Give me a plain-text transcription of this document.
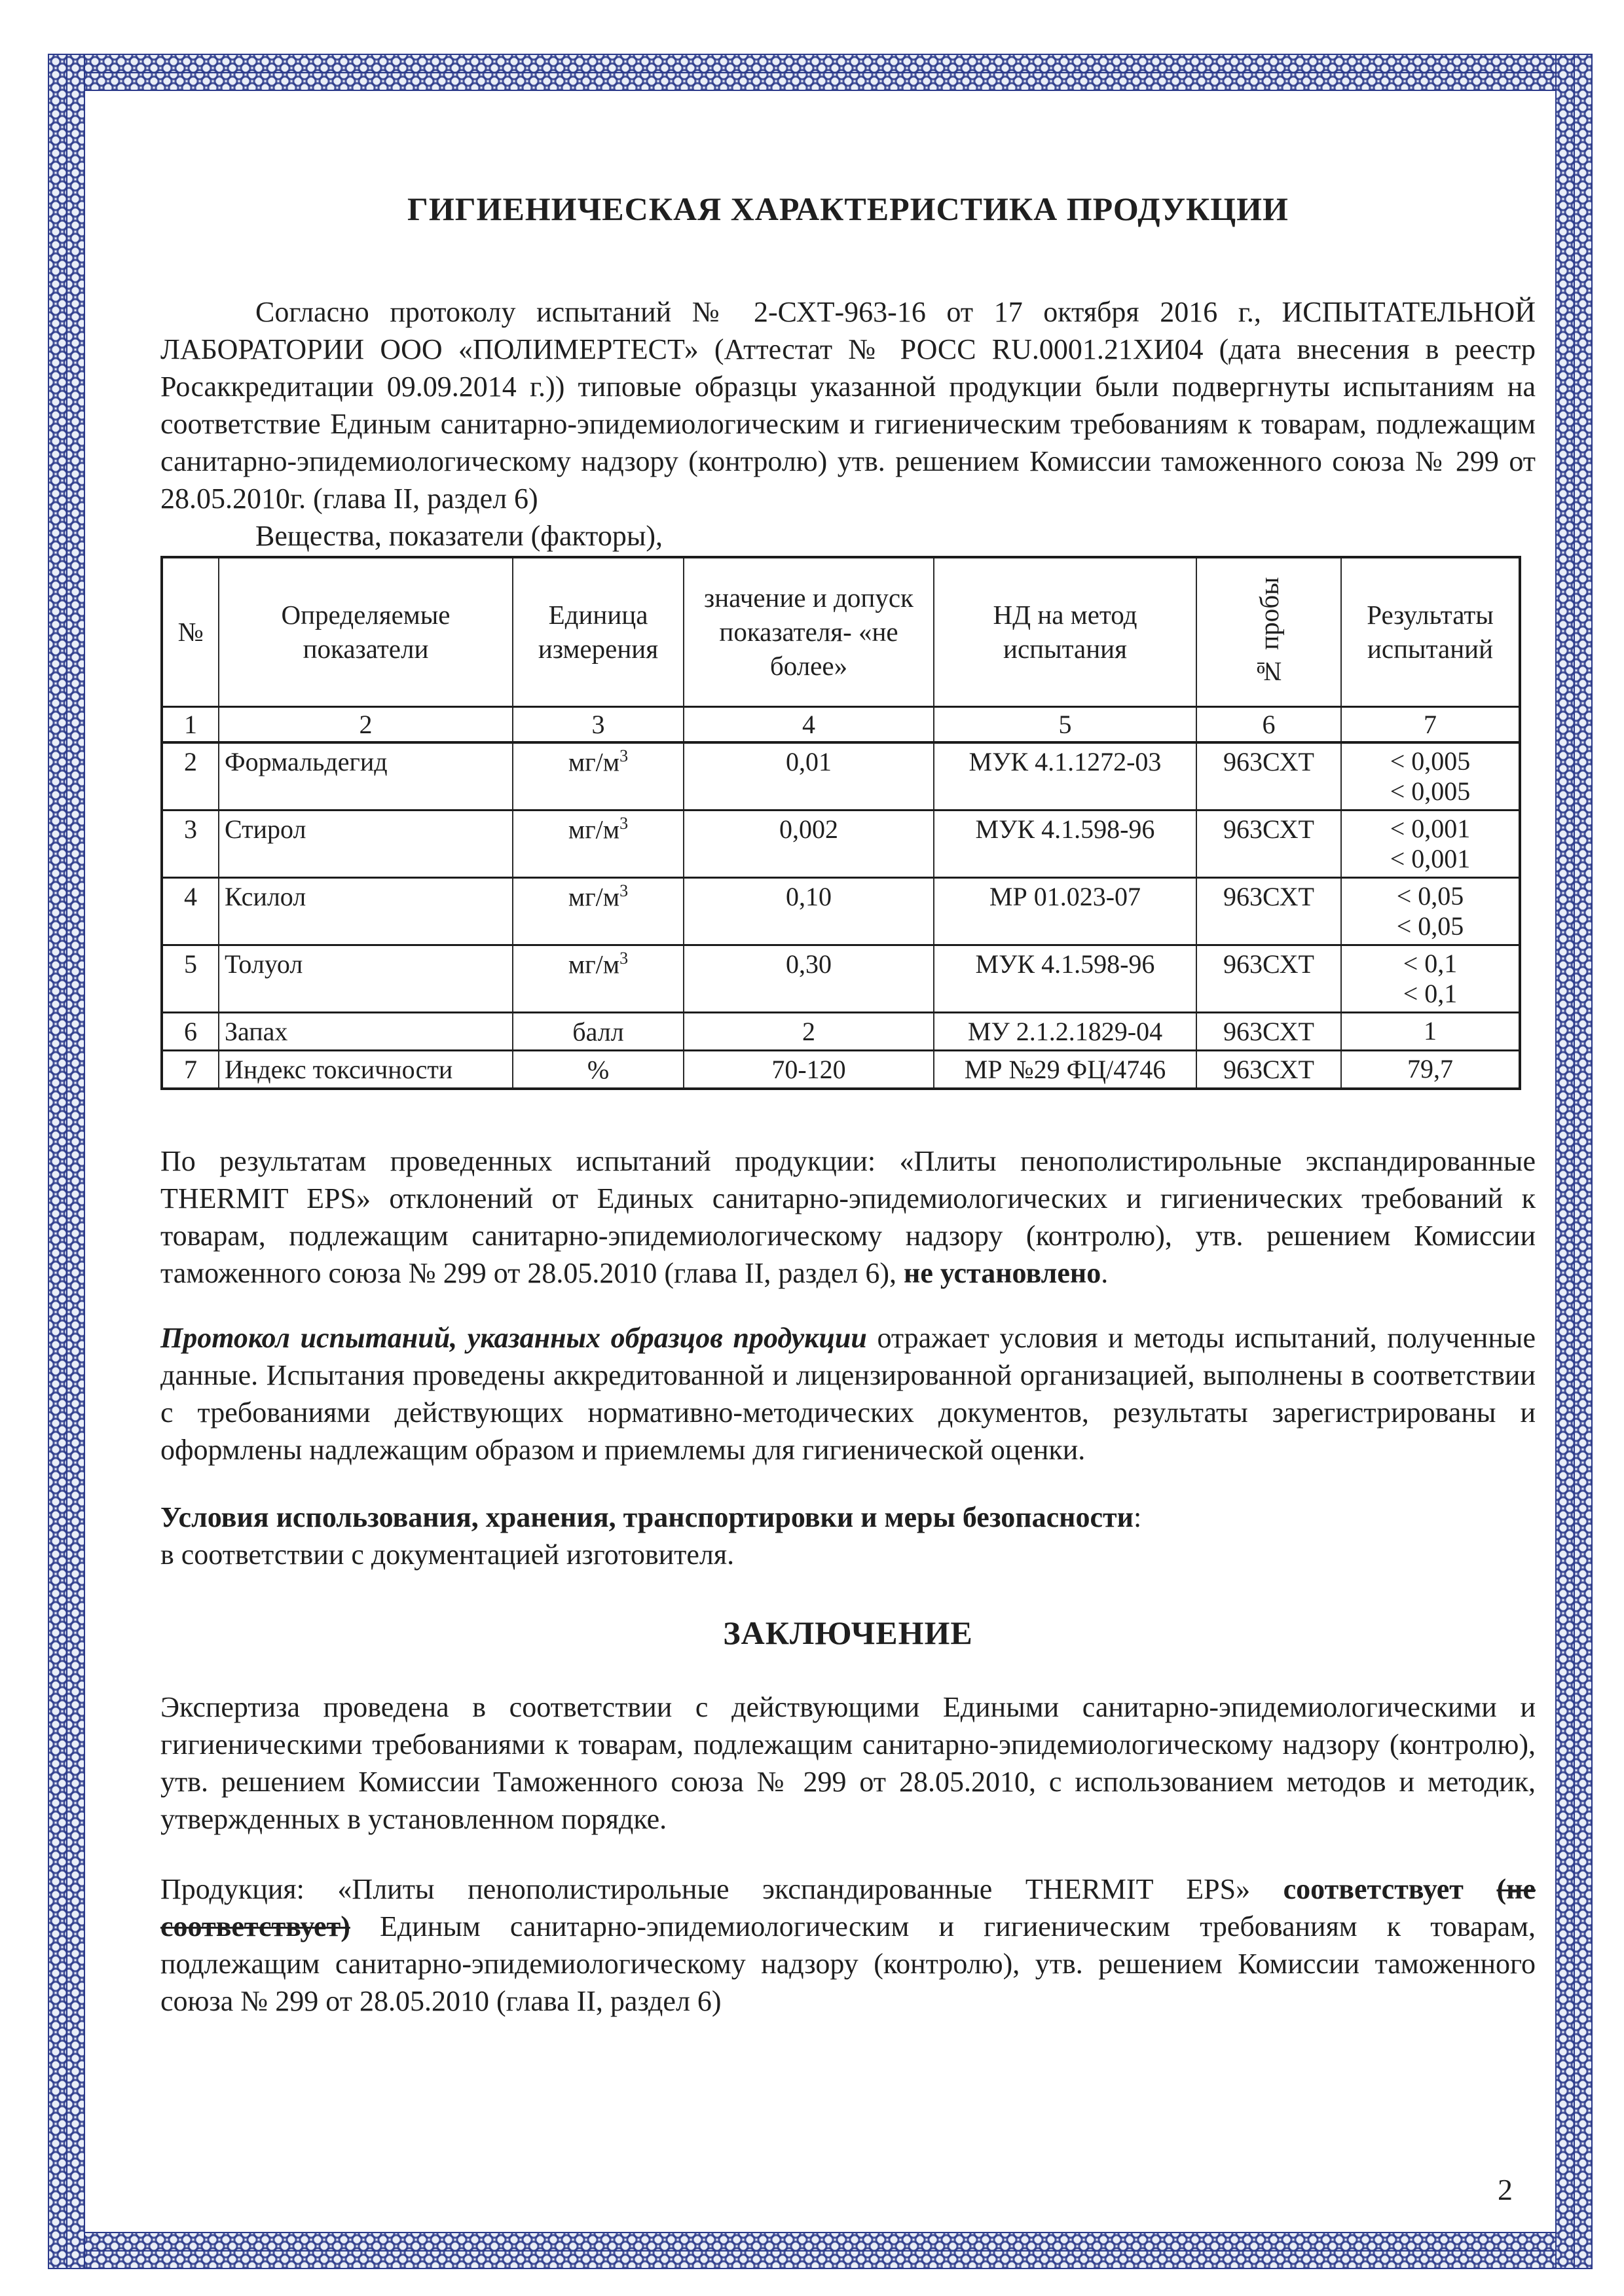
ГИГИЕНИЧЕСКАЯ ХАРАКТЕРИСТИКА ПРОДУКЦИИ

Согласно протоколу испытаний № 2-СХТ-963-16 от 17 октября 2016 г., ИСПЫТАТЕЛЬНОЙ ЛАБОРАТОРИИ ООО «ПОЛИМЕРТЕСТ» (Аттестат № РОСС RU.0001.21ХИ04 (дата внесения в реестр Росаккредитации 09.09.2014 г.)) типовые образцы указанной продукции были подвергнуты испытаниям на соответствие Единым санитарно-эпидемиологическим и гигиеническим требованиям к товарам, подлежащим санитарно-эпидемиологическому надзору (контролю) утв. решением Комиссии таможенного союза № 299 от 28.05.2010г. (глава II, раздел 6)

Вещества, показатели (факторы),

№	Определяемые показатели	Единица измерения	значение и допуск показателя- «не более»	НД на метод испытания	№ пробы	Результаты испытаний
1	2	3	4	5	6	7
2	Формальдегид	$мг/м^3$	0,01	МУК 4.1.1272-03	963СХТ	< 0,005
< 0,005

3	Стирол	$мг/м^3$	0,002	МУК 4.1.598-96	963СХТ	< 0,001
< 0,001

4	Ксилол	$мг/м^3$	0,10	МР 01.023-07	963СХТ	< 0,05
< 0,05

5	Толуол	$мг/м^3$	0,30	МУК 4.1.598-96	963СХТ	< 0,1
< 0,1

6	Запах	балл	2	МУ 2.1.2.1829-04	963СХТ	1

7	Индекс токсичности	%	70-120	МР №29 ФЦ/4746	963СХТ	79,7

По результатам проведенных испытаний продукции: «Плиты пенополистирольные экспандированные THERMIT EPS» отклонений от Единых санитарно-эпидемиологических и гигиенических требований к товарам, подлежащим санитарно-эпидемиологическому надзору (контролю), утв. решением Комиссии таможенного союза № 299 от 28.05.2010 (глава II, раздел 6), не установлено.

Протокол испытаний, указанных образцов продукции отражает условия и методы испытаний, полученные данные. Испытания проведены аккредитованной и лицензированной организацией, выполнены в соответствии с требованиями действующих нормативно-методических документов, результаты зарегистрированы и оформлены надлежащим образом и приемлемы для гигиенической оценки.

Условия использования, хранения, транспортировки и меры безопасности:
в соответствии с документацией изготовителя.

ЗАКЛЮЧЕНИЕ

Экспертиза проведена в соответствии с действующими Едиными санитарно-эпидемиологическими и гигиеническими требованиями к товарам, подлежащим санитарно-эпидемиологическому надзору (контролю), утв. решением Комиссии Таможенного союза № 299 от 28.05.2010, с использованием методов и методик, утвержденных в установленном порядке.

Продукция: «Плиты пенополистирольные экспандированные THERMIT EPS» соответствует (не соответствует) Единым санитарно-эпидемиологическим и гигиеническим требованиям к товарам, подлежащим санитарно-эпидемиологическому надзору (контролю), утв. решением Комиссии таможенного союза № 299 от 28.05.2010 (глава II, раздел 6)

2
